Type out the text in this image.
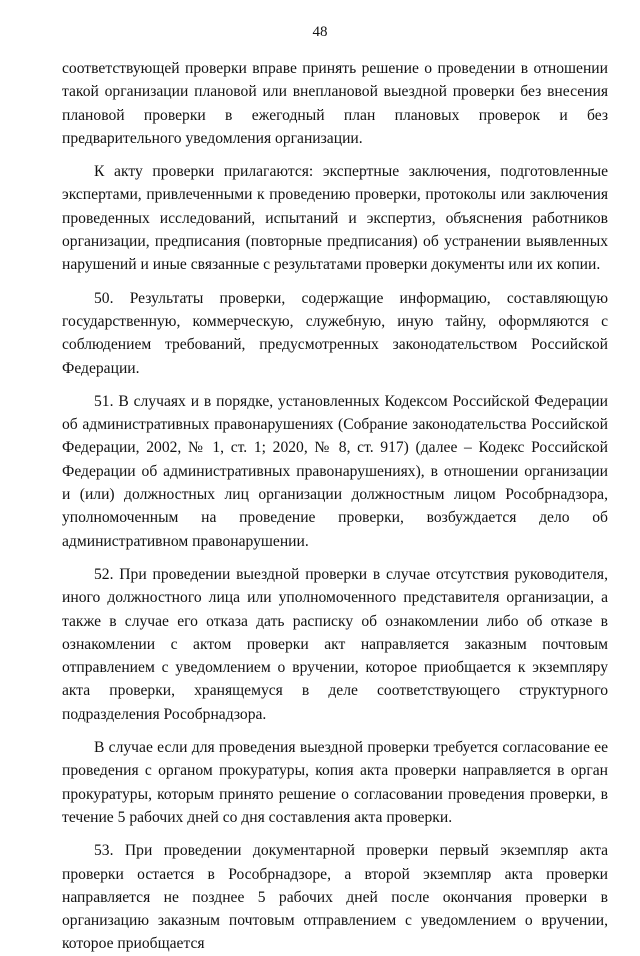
48

соответствующей проверки вправе принять решение о проведении в отношении такой организации плановой или внеплановой выездной проверки без внесения плановой проверки в ежегодный план плановых проверок и без предварительного уведомления организации.

К акту проверки прилагаются: экспертные заключения, подготовленные экспертами, привлеченными к проведению проверки, протоколы или заключения проведенных исследований, испытаний и экспертиз, объяснения работников организации, предписания (повторные предписания) об устранении выявленных нарушений и иные связанные с результатами проверки документы или их копии.

50. Результаты проверки, содержащие информацию, составляющую государственную, коммерческую, служебную, иную тайну, оформляются с соблюдением требований, предусмотренных законодательством Российской Федерации.

51. В случаях и в порядке, установленных Кодексом Российской Федерации об административных правонарушениях (Собрание законодательства Российской Федерации, 2002, № 1, ст. 1; 2020, № 8, ст. 917) (далее – Кодекс Российской Федерации об административных правонарушениях), в отношении организации и (или) должностных лиц организации должностным лицом Рособрнадзора, уполномоченным на проведение проверки, возбуждается дело об административном правонарушении.

52. При проведении выездной проверки в случае отсутствия руководителя, иного должностного лица или уполномоченного представителя организации, а также в случае его отказа дать расписку об ознакомлении либо об отказе в ознакомлении с актом проверки акт направляется заказным почтовым отправлением с уведомлением о вручении, которое приобщается к экземпляру акта проверки, хранящемуся в деле соответствующего структурного подразделения Рособрнадзора.

В случае если для проведения выездной проверки требуется согласование ее проведения с органом прокуратуры, копия акта проверки направляется в орган прокуратуры, которым принято решение о согласовании проведения проверки, в течение 5 рабочих дней со дня составления акта проверки.

53. При проведении документарной проверки первый экземпляр акта проверки остается в Рособрнадзоре, а второй экземпляр акта проверки направляется не позднее 5 рабочих дней после окончания проверки в организацию заказным почтовым отправлением с уведомлением о вручении, которое приобщается
